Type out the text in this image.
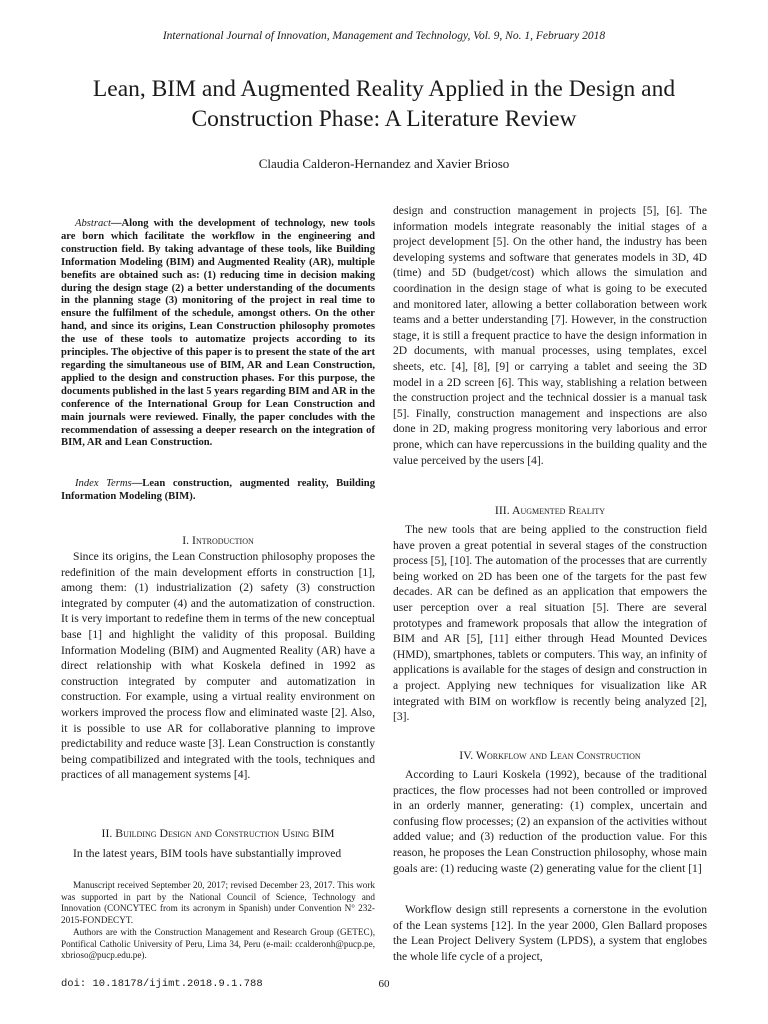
International Journal of Innovation, Management and Technology, Vol. 9, No. 1, February 2018
Lean, BIM and Augmented Reality Applied in the Design and Construction Phase: A Literature Review
Claudia Calderon-Hernandez and Xavier Brioso

Abstract—Along with the development of technology, new tools are born which facilitate the workflow in the engineering and construction field. By taking advantage of these tools, like Building Information Modeling (BIM) and Augmented Reality (AR), multiple benefits are obtained such as: (1) reducing time in decision making during the design stage (2) a better understanding of the documents in the planning stage (3) monitoring of the project in real time to ensure the fulfilment of the schedule, amongst others. On the other hand, and since its origins, Lean Construction philosophy promotes the use of these tools to automatize projects according to its principles. The objective of this paper is to present the state of the art regarding the simultaneous use of BIM, AR and Lean Construction, applied to the design and construction phases. For this purpose, the documents published in the last 5 years regarding BIM and AR in the conference of the International Group for Lean Construction and main journals were reviewed. Finally, the paper concludes with the recommendation of assessing a deeper research on the integration of BIM, AR and Lean Construction.

Index Terms—Lean construction, augmented reality, Building Information Modeling (BIM).

I. Introduction

Since its origins, the Lean Construction philosophy proposes the redefinition of the main development efforts in construction [1], among them: (1) industrialization (2) safety (3) construction integrated by computer (4) and the automatization of construction. It is very important to redefine them in terms of the new conceptual base [1] and highlight the validity of this proposal. Building Information Modeling (BIM) and Augmented Reality (AR) have a direct relationship with what Koskela defined in 1992 as construction integrated by computer and automatization in construction. For example, using a virtual reality environment on workers improved the process flow and eliminated waste [2]. Also, it is possible to use AR for collaborative planning to improve predictability and reduce waste [3]. Lean Construction is constantly being compatibilized and integrated with the tools, techniques and practices of all management systems [4].

II. Building Design and Construction Using BIM

In the latest years, BIM tools have substantially improved

Manuscript received September 20, 2017; revised December 23, 2017. This work was supported in part by the National Council of Science, Technology and Innovation (CONCYTEC from its acronym in Spanish) under Convention N° 232-2015-FONDECYT.

Authors are with the Construction Management and Research Group (GETEC), Pontifical Catholic University of Peru, Lima 34, Peru (e-mail: ccalderonh@pucp.pe, xbrioso@pucp.edu.pe).

design and construction management in projects [5], [6]. The information models integrate reasonably the initial stages of a project development [5]. On the other hand, the industry has been developing systems and software that generates models in 3D, 4D (time) and 5D (budget/cost) which allows the simulation and coordination in the design stage of what is going to be executed and monitored later, allowing a better collaboration between work teams and a better understanding [7]. However, in the construction stage, it is still a frequent practice to have the design information in 2D documents, with manual processes, using templates, excel sheets, etc. [4], [8], [9] or carrying a tablet and seeing the 3D model in a 2D screen [6]. This way, stablishing a relation between the construction project and the technical dossier is a manual task [5]. Finally, construction management and inspections are also done in 2D, making progress monitoring very laborious and error prone, which can have repercussions in the building quality and the value perceived by the users [4].

III. Augmented Reality

The new tools that are being applied to the construction field have proven a great potential in several stages of the construction process [5], [10]. The automation of the processes that are currently being worked on 2D has been one of the targets for the past few decades. AR can be defined as an application that empowers the user perception over a real situation [5]. There are several prototypes and framework proposals that allow the integration of BIM and AR [5], [11] either through Head Mounted Devices (HMD), smartphones, tablets or computers. This way, an infinity of applications is available for the stages of design and construction in a project. Applying new techniques for visualization like AR integrated with BIM on workflow is recently being analyzed [2], [3].

IV. Workflow and Lean Construction

According to Lauri Koskela (1992), because of the traditional practices, the flow processes had not been controlled or improved in an orderly manner, generating: (1) complex, uncertain and confusing flow processes; (2) an expansion of the activities without added value; and (3) reduction of the production value. For this reason, he proposes the Lean Construction philosophy, whose main goals are: (1) reducing waste (2) generating value for the client [1]

Workflow design still represents a cornerstone in the evolution of the Lean systems [12]. In the year 2000, Glen Ballard proposes the Lean Project Delivery System (LPDS), a system that englobes the whole life cycle of a project,

doi: 10.18178/ijimt.2018.9.1.788	60
